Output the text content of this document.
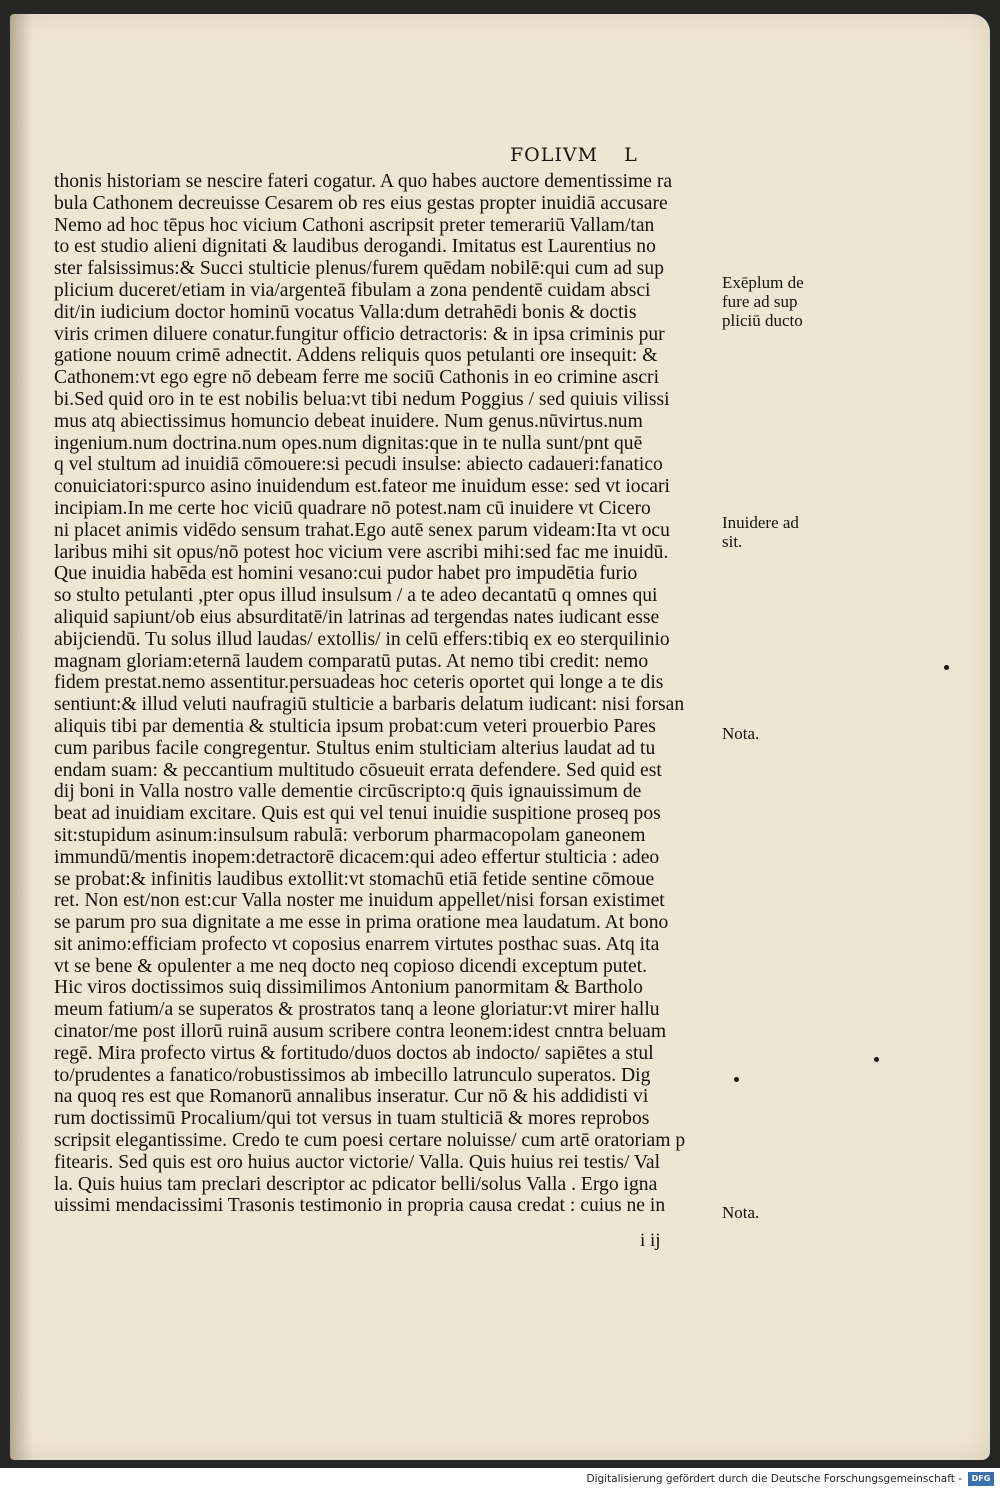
FOLIVM L
thonis historiam se nescire fateri cogatur. A quo habes auctore dementissime ra
bula Cathonem decreuisse Cesarem ob res eius gestas propter inuidiā accusare
Nemo ad hoc tēpus hoc vicium Cathoni ascripsit preter temerariū Vallam/tan
to est studio alieni dignitati & laudibus derogandi. Imitatus est Laurentius no
ster falsissimus:& Succi stulticie plenus/furem quēdam nobilē:qui cum ad sup
plicium duceret/etiam in via/argenteā fibulam a zona pendentē cuidam absci
dit/in iudicium doctor hominū vocatus Valla:dum detrahēdi bonis & doctis
viris crimen diluere conatur.fungitur officio detractoris: & in ipsa criminis pur
gatione nouum crimē adnectit. Addens reliquis quos petulanti ore insequit: &
Cathonem:vt ego egre nō debeam ferre me sociū Cathonis in eo crimine ascri
bi.Sed quid oro in te est nobilis belua:vt tibi nedum Poggius / sed quiuis vilissi
mus atq abiectissimus homuncio debeat inuidere. Num genus.nūvirtus.num
ingenium.num doctrina.num opes.num dignitas:que in te nulla sunt/pnt quē
q vel stultum ad inuidiā cōmouere:si pecudi insulse: abiecto cadaueri:fanatico
conuiciatori:spurco asino inuidendum est.fateor me inuidum esse: sed vt iocari
incipiam.In me certe hoc viciū quadrare nō potest.nam cū inuidere vt Cicero
ni placet animis vidēdo sensum trahat.Ego autē senex parum videam:Ita vt ocu
laribus mihi sit opus/nō potest hoc vicium vere ascribi mihi:sed fac me inuidū.
Que inuidia habēda est homini vesano:cui pudor habet pro impudētia furio
so stulto petulanti ,pter opus illud insulsum / a te adeo decantatū q omnes qui
aliquid sapiunt/ob eius absurditatē/in latrinas ad tergendas nates iudicant esse
abijciendū. Tu solus illud laudas/ extollis/ in celū effers:tibiq ex eo sterquilinio
magnam gloriam:eternā laudem comparatū putas. At nemo tibi credit: nemo
fidem prestat.nemo assentitur.persuadeas hoc ceteris oportet qui longe a te dis
sentiunt:& illud veluti naufragiū stulticie a barbaris delatum iudicant: nisi forsan
aliquis tibi par dementia & stulticia ipsum probat:cum veteri prouerbio Pares
cum paribus facile congregentur. Stultus enim stulticiam alterius laudat ad tu
endam suam: & peccantium multitudo cōsueuit errata defendere. Sed quid est
dij boni in Valla nostro valle dementie circūscripto:q q̄uis ignauissimum de
beat ad inuidiam excitare. Quis est qui vel tenui inuidie suspitione proseq pos
sit:stupidum asinum:insulsum rabulā: verborum pharmacopolam ganeonem
immundū/mentis inopem:detractorē dicacem:qui adeo effertur stulticia : adeo
se probat:& infinitis laudibus extollit:vt stomachū etiā fetide sentine cōmoue
ret. Non est/non est:cur Valla noster me inuidum appellet/nisi forsan existimet
se parum pro sua dignitate a me esse in prima oratione mea laudatum. At bono
sit animo:efficiam profecto vt coposius enarrem virtutes posthac suas. Atq ita
vt se bene & opulenter a me neq docto neq copioso dicendi exceptum putet.
Hic viros doctissimos suiq dissimilimos Antonium panormitam & Bartholo
meum fatium/a se superatos & prostratos tanq a leone gloriatur:vt mirer hallu
cinator/me post illorū ruinā ausum scribere contra leonem:idest cnntra beluam
regē. Mira profecto virtus & fortitudo/duos doctos ab indocto/ sapiētes a stul
to/prudentes a fanatico/robustissimos ab imbecillo latrunculo superatos. Dig
na quoq res est que Romanorū annalibus inseratur. Cur nō & his addidisti vi
rum doctissimū Procalium/qui tot versus in tuam stulticiā & mores reprobos
scripsit elegantissime. Credo te cum poesi certare noluisse/ cum artē oratoriam p
fitearis. Sed quis est oro huius auctor victorie/ Valla. Quis huius rei testis/ Val
la. Quis huius tam preclari descriptor ac pdicator belli/solus Valla . Ergo igna
uissimi mendacissimi Trasonis testimonio in propria causa credat : cuius ne in
Exēplum de
fure ad sup
pliciū ducto
Inuidere ad
sit.
Nota.
Nota.
i ij
Digitalisierung gefördert durch die Deutsche Forschungsgemeinschaft -	DFG
